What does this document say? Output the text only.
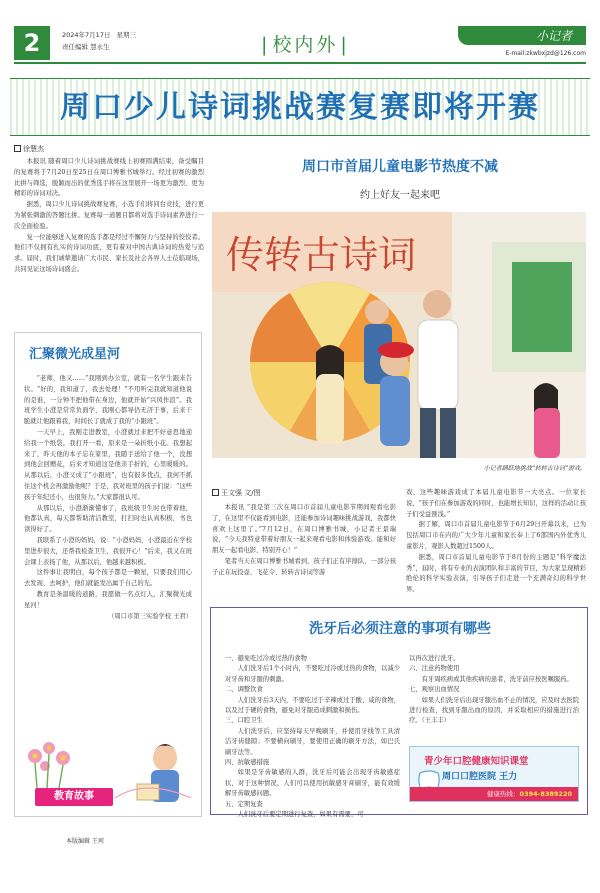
2	2024年7月17日 星期三
责任编辑 慧永生
|	校内外 |	小记者
E-mail:zkwbxjzd@126.com
周口少儿诗词挑战赛复赛即将开赛
徐慧杰

本报讯 随着周口少儿诗词挑战赛线上初赛圆满结束，备受瞩目的复赛将于7月20日至25日在周口博雅书城举行。经过初赛的激烈比拼与筛选，脱颖而出的优秀选手将在这里展开一场更为激烈、更为精彩的诗词对决。

据悉，周口少儿诗词挑战赛复赛，小选手们将同台竞技，进行更为紧张刺激的答题比拼。复赛每一道题目都将对选手诗词素养进行一次全面检验。

复一位能够进入复赛的选手都是经过不懈努力与坚持的佼佼者。他们不仅拥有扎实的诗词功底，更有着对中国古典诗词的热爱与追求。届时，我们诚挚邀请广大市民、家长及社会各界人士莅临现场，共同见证这场诗词盛会。

汇聚微光成星河

“老师，他又……”我刚到办公室，就有一名学生跟来告状。“好的，我知道了，我去处理！”不用听完我就知道他说的是谁，一分钟不把他带在身边，他就开始“兴风作浪”。我班学生小澄是常常负面学，我刚心都导仍无济于事，后来干脆就让他跟着我，时间长了就成了我的“小跟班”。

一天早上，我刚走进教室，小澄就过来把不好意思地递给我一个纸袋。我打开一看，原来是一朵折纸小花。我想起来了，昨天他的本子忘在家里，我随手送给了他一个，没想到他会回赠花，后来才知道这是他亲手折的，心里暖暖的。从那以后，小澄又成了“小跟班”，也有很多优点，我何不抓住这个机会再激励他呢？于是，我对班里的孩子们说：“这些孩子年纪还小，也很努力。”大家都很认可。

从那以后，小澄渐渐懂事了，我班级卫生时也带着他，他都认真，每天都帮助清洁教室，打扫时也认真积极，书也读得好了。

我联系了小澄的妈妈，说：“小澄妈妈，小澄最近在学校里进步很大，还帮我检查卫生，我很开心！”后来，我又在班会课上表扬了他，从那以后，他越来越积极。

这件事让我明白，每个孩子都是一颗星，只要我们用心去发现、去呵护，他们就能发出属于自己的光。

教育是条温暖的道路，我愿做一名点灯人，汇聚微光成星河！

（周口市第三实验学校 王君）
教育故事
本版编辑 王珂
周口市首届儿童电影节热度不减
约上好友一起来吧
传转古诗词
小记者踊跃地挑战“转转古诗词”游戏。
王文强 文/图

本报讯 “我是第三次在周口市首届儿童电影节期间观看电影了，在这里不仅能看到电影，还能参加诗词趣味挑战游戏，我都快喜欢上这里了。”7月12日，在周口博雅书城，小记者王景瑞说，“今天我特意带着好朋友一起来观看电影和体验游戏。能和好朋友一起看电影，特别开心！”

笔者当天在周口博雅书城看到，孩子们正有序排队，一部分孩子正在玩投壶、飞花令、转转古诗词等游

戏，这些趣味游戏成了本届儿童电影节一大亮点。一位家长说，“孩子们在参加游戏的同时，也能增长知识，这样的活动让孩子们受益匪浅。”

据了解，周口市首届儿童电影节于6月29日开幕以来，已为包括周口市在内的广大少年儿童和家长奉上了6部国内外优秀儿童影片，观影人数超过1500人。

据悉，周口市首届儿童电影节于8月份的主题是“科学魔法秀”，届时，将有专业的表演团队和丰富的节目，为大家呈现精彩绝伦的科学实验表演，引导孩子们走进一个充满奇幻的科学世界。

洗牙后必须注意的事项有哪些

一、避免吃过冷或过热的食物

人们洗牙后1个小时内，不要吃过冷或过热的食物，以减少对牙齿和牙龈的刺激。

二、调整饮食

人们洗牙后3天内，不要吃过于辛辣或过于酸、咸的食物，以及过于硬的食物，避免对牙龈造成刺激和损伤。

三、口腔卫生

人们洗牙后，应坚持每天早晚刷牙，并使用牙线等工具清洁牙齿缝隙；不要横向刷牙，要使用正确的刷牙方法，如巴氏刷牙法等。

四、抗敏感措施

如果是牙齿敏感的人群，洗牙后可能会出现牙齿敏感症状，对于这种情况，人们可以使用抗敏感牙膏刷牙，能有效缓解牙齿敏感问题。

五、定期复查

人们洗牙后要定期进行复查，如果有需要，可

以再次进行洗牙。

六、注意药物使用

有牙周疾病或其他疾病的患者，洗牙前应按医嘱服药。

七、观察出血情况

如果人们洗牙后出现牙龈出血不止的情况，应及时去医院进行检查，找到牙龈出血的原因，并采取相应的措施进行治疗。（王丰丰）

青少年口腔健康知识课堂
周口口腔医院 王力
健康热线：0394-8389220
